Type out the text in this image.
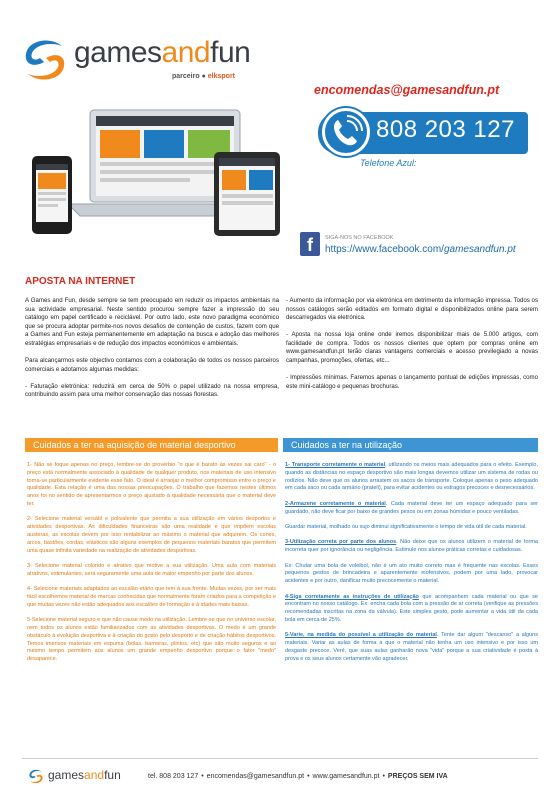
gamesandfun
parceiro ● elksport
encomendas@gamesandfun.pt
808 203 127
Telefone Azul:
f	SIGA-NOS NO FACEBOOK
https://www.facebook.com/gamesandfun.pt
APOSTA NA INTERNET

A Games and Fun, desde sempre se tem preocupado em reduzir os impactos ambientais na sua actividade empresarial. Neste sentido procurou sempre fazer a impressão do seu catálogo em papel certificado e reciclável. Por outro lado, este novo paradigma económico que se procura adoptar permite-nos novos desafios de contenção de custos, fazem com que a Games and Fun esteja permanentemente em adaptação na busca e adoção das melhores estratégias empresariais e de redução dos impactos económicos e ambientais.

Para alcançarmos este objectivo contamos com a colaboração de todos os nossos parceiros comerciais e adotamos algumas medidas:

- Faturação eletrónica: reduzirá em cerca de 50% o papel utilizado na nossa empresa, contribuindo assim para uma melhor conservação das nossas florestas.

- Aumento da informação por via eletrónica em detrimento da informação impressa. Todos os nossos catálogos serão editados em formato digital e disponibilizados online para serem descarregados via eletrónica.

- Aposta na nossa loja online onde iremos disponibilizar mais de 5.000 artigos, com facilidade de compra. Todos os nossos clientes que optem por compras online em www.gamesandfun.pt terão claras vantagens comerciais e acesso previlegiado a novas campanhas, promoções, ofertas, etc...

- Impressões mínimas. Faremos apenas o lançamento pontual de edições impressas, como este mini-catálogo e pequenas brochuras.

Cuidados a ter na aquisição de material desportivo	Cuidados a ter na utilização

1- Não se foque apenas no preço, lembre-se do provérbio "o que é barato às vezes sai caro" - o preço está normalmente associado à qualidade de qualquer produto, nos materiais de uso intensivo torna-se particularmente evidente esse fato. O ideal é arranjar o melhor compromisso entre o preço e qualidade. Esta relação é uma das nossas preocupações. O trabalho que fazemos nestes últimos anos foi no sentido de apresentarmos o preço ajustado à qualidade necessária que o material deve ter.

2- Selecione material versátil e polivalente que permita a sua utilização em vários desportos e atividades desportivas. As dificuldades financeiras são uma realidade e que impõem escolas austeras, as escolas devem por isso rentabilizar ao máximo o material que adquirem. Os cones, arcos, bastões, cordas, elásticos são alguns exemplos de pequenos materiais baratos que permitem uma quase infinita variedade na realização de atividades desportivas.

3- Selecione material colorido e atrativo que motive a sua utilização. Uma aula com materiais atrativos, estimulantes, será seguramente uma aula de maior empenho por parte dos alunos.

4- Selecione materiais adaptados ao escalão etário que tem à sua frente. Muitas vezes, por ser mais fácil escolhemos material de marcas conhecidas que normalmente foram criados para a competição e que muitas vezes não estão adequados aos escalões de formação e à idades mais baixas.

5-Selecione material seguro e que não cause medo na utilização. Lembre-se que no universo escolar, nem todos os alunos estão familiarizados com as atividades desportivas. O medo é um grande obstáculo à evolução desportiva e à criação do gosto pelo desporto e de criação hábitos desportivos. Temos imensos materiais em espuma (bolas, barreiras, plintos, etc) que são muito seguros e ao mesmo tempo permitem aos alunos um grande empenho desportivo porque o fator "medo" desaparece.

1- Transporte corretamente o material, utilizando os meios mais adequados para o efeito. Exemplo, quando as distâncias no espaço desportivo são mais longas devemos utilizar um sistema de rodas ou rodízios. Não deve que os alunos arrastem os sacos de transporte. Coloque apenas o peso adequado em cada saco ou cada armário (prateli), para evitar acidentes ou estragos precoces e desnecessários.

2-Armazene corretamente o material. Cada material deve ter um espaço adequado para ser guardado, não deve ficar por baixo de grandes pesos ou em zonas húmidas e pouco ventiladas.

Guardar material, molhado ou sujo diminui significativamente o tempo de vida útil de cada material.

3-Utilização correta por parte dos alunos. Não deixe que os alunos utilizem o material de forma incorreta quer por ignorância ou negligência. Estimule nos alunos práticas corretas e cuidadosas.

Ex: Chutar uma bola de voleibol, não é um ato muito correto mas é frequente nas escolas. Esses pequenos gestos de brincadeira e aparentemente inofensivos, podem por uma lado, provocar acidentes e por outro, danificar muito precocemente o material.

4-Siga corretamente as instruções de utilização que acompanhem cada material ou que se encontram no nosso catálogo. Ex: encha cada bola com a pressão de ar correta (verifique as pressões recomendadas inscritas na zona da válvula). Este simples gesto, pode aumentar a vida útil da cada bola em cerca de 25%.

5-Varie, na medida do possível a utilização do material. Tente dar algum "descanso" a alguns materiais. Variar as aulas de forma a que o material não tenha um uso intensivo e por isso um desgaste precoce. Veré, que suas aulas ganharão nova "vida" porque a sua criatividade é posta à prova e os seus alunos certamente vão agradecer.

gamesandfun	tel. 808 203 127 • encomendas@gamesandfun.pt • www.gamesandfun.pt • PREÇOS SEM IVA
